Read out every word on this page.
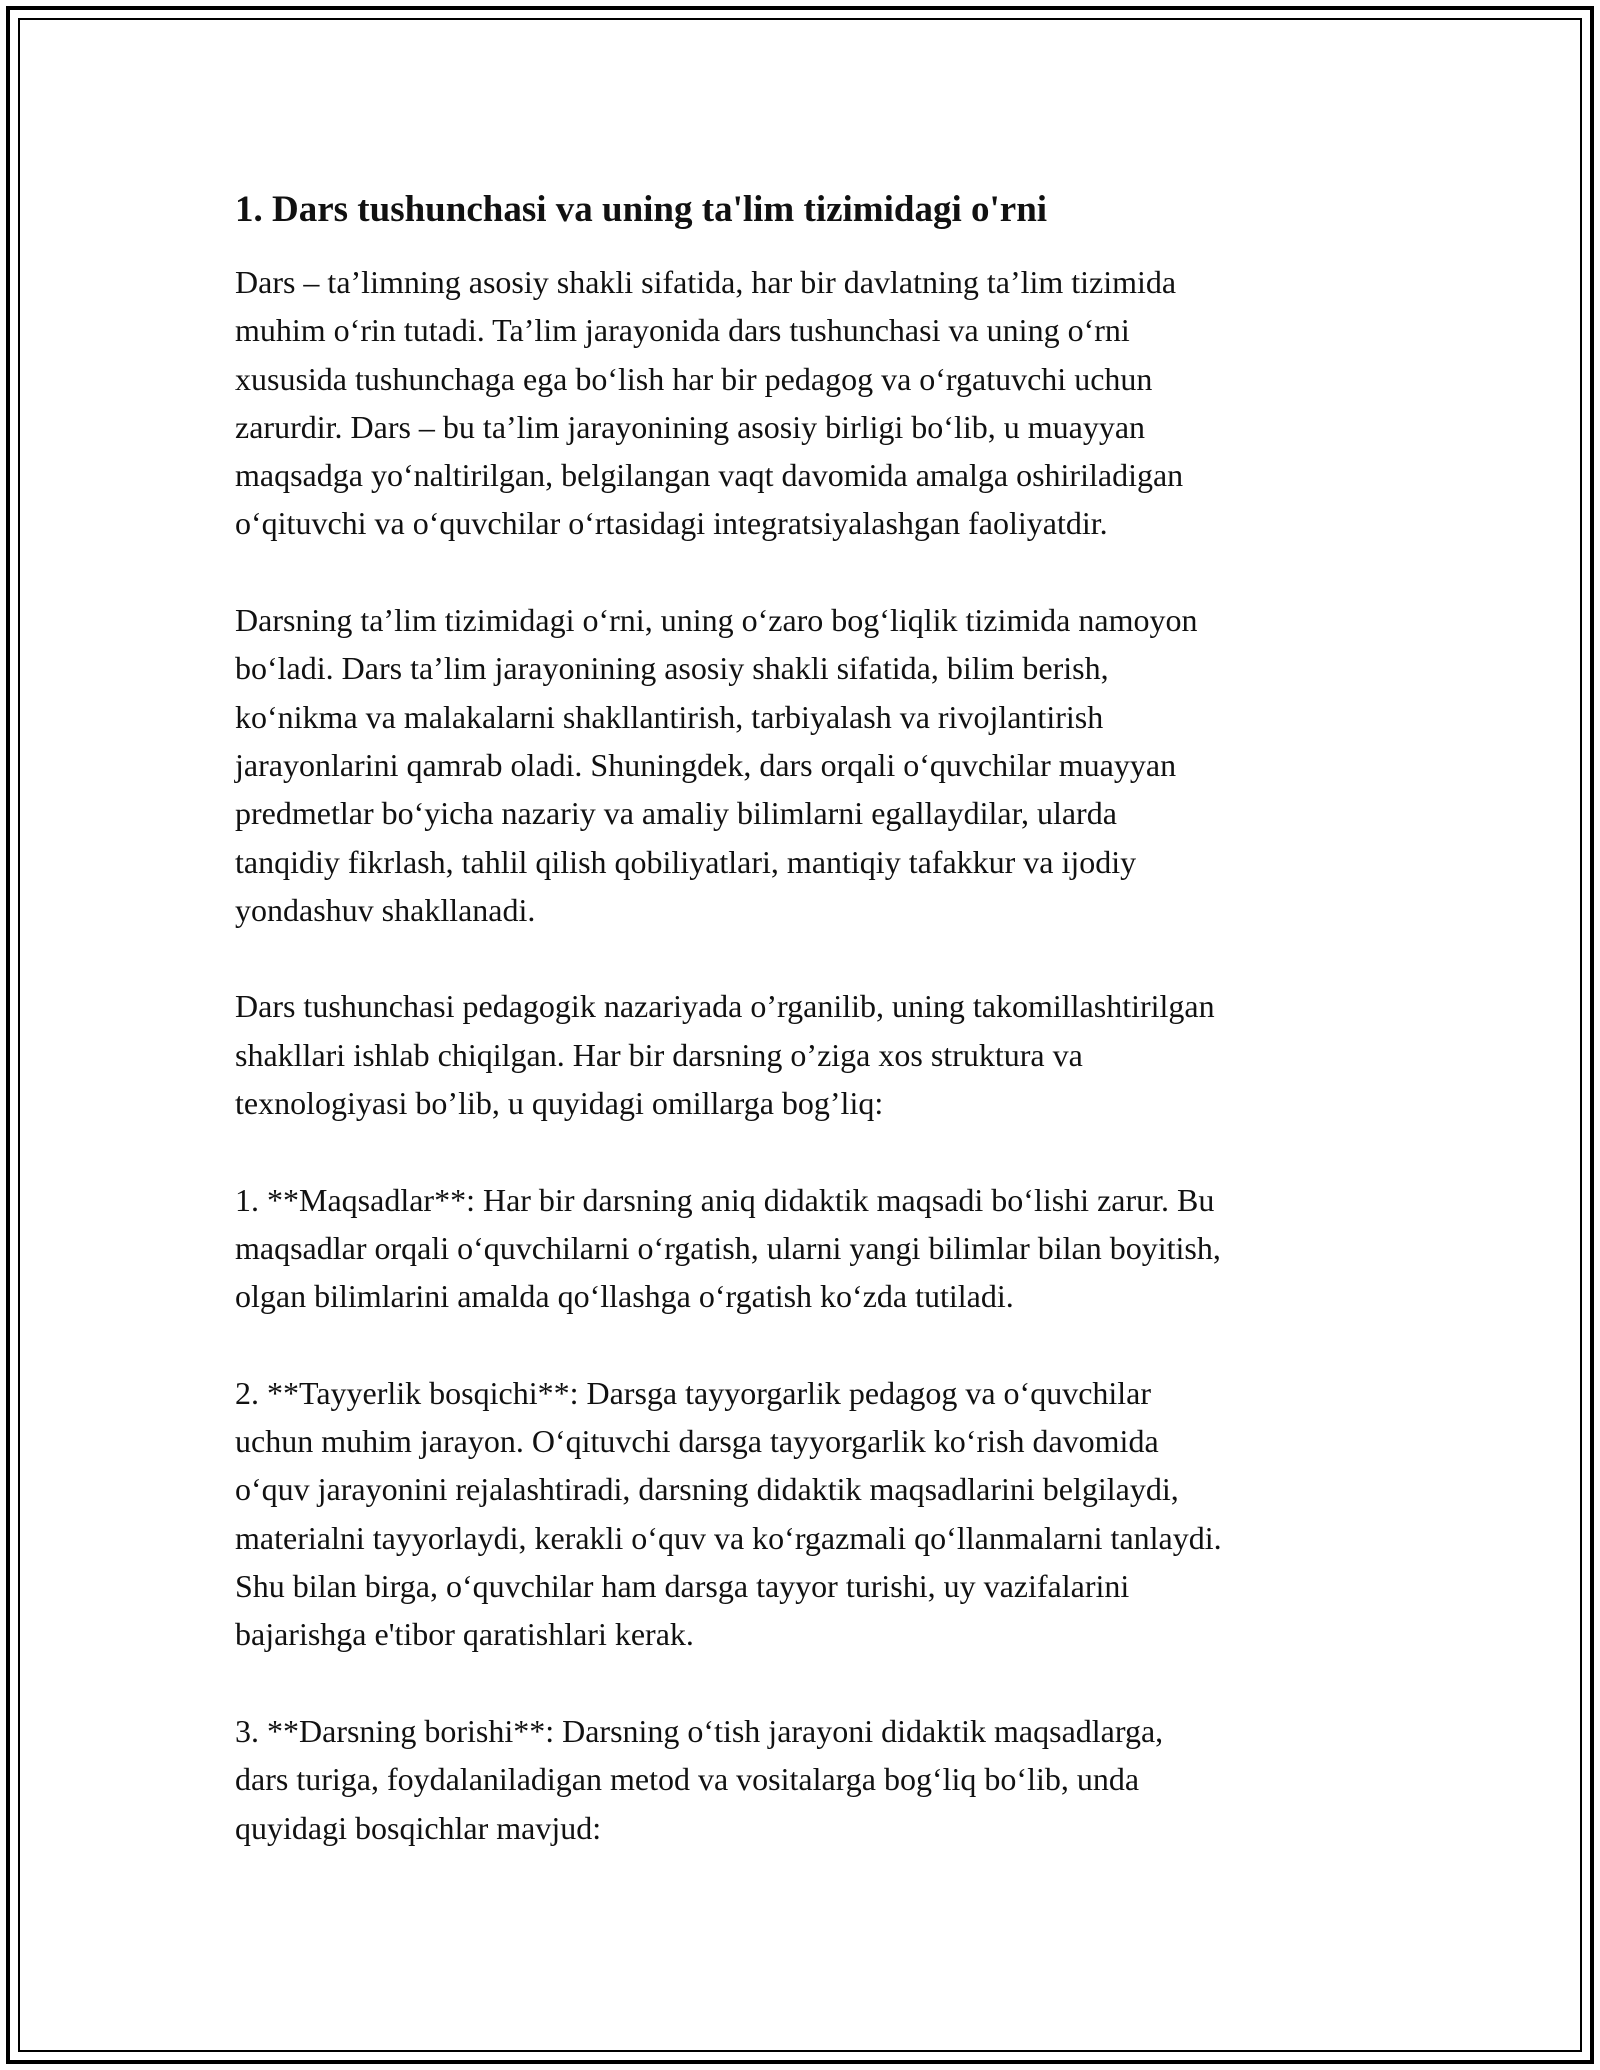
1. Dars tushunchasi va uning ta'lim tizimidagi o'rni

Dars – ta’limning asosiy shakli sifatida, har bir davlatning ta’lim tizimida
muhim o‘rin tutadi. Ta’lim jarayonida dars tushunchasi va uning o‘rni
xususida tushunchaga ega bo‘lish har bir pedagog va o‘rgatuvchi uchun
zarurdir. Dars – bu ta’lim jarayonining asosiy birligi bo‘lib, u muayyan
maqsadga yo‘naltirilgan, belgilangan vaqt davomida amalga oshiriladigan
o‘qituvchi va o‘quvchilar o‘rtasidagi integratsiyalashgan faoliyatdir.

Darsning ta’lim tizimidagi o‘rni, uning o‘zaro bog‘liqlik tizimida namoyon
bo‘ladi. Dars ta’lim jarayonining asosiy shakli sifatida, bilim berish,
ko‘nikma va malakalarni shakllantirish, tarbiyalash va rivojlantirish
jarayonlarini qamrab oladi. Shuningdek, dars orqali o‘quvchilar muayyan
predmetlar bo‘yicha nazariy va amaliy bilimlarni egallaydilar, ularda
tanqidiy fikrlash, tahlil qilish qobiliyatlari, mantiqiy tafakkur va ijodiy
yondashuv shakllanadi.

Dars tushunchasi pedagogik nazariyada o’rganilib, uning takomillashtirilgan
shakllari ishlab chiqilgan. Har bir darsning o’ziga xos struktura va
texnologiyasi bo’lib, u quyidagi omillarga bog’liq:

1. **Maqsadlar**: Har bir darsning aniq didaktik maqsadi bo‘lishi zarur. Bu
maqsadlar orqali o‘quvchilarni o‘rgatish, ularni yangi bilimlar bilan boyitish,
olgan bilimlarini amalda qo‘llashga o‘rgatish ko‘zda tutiladi.

2. **Tayyerlik bosqichi**: Darsga tayyorgarlik pedagog va o‘quvchilar
uchun muhim jarayon. O‘qituvchi darsga tayyorgarlik ko‘rish davomida
o‘quv jarayonini rejalashtiradi, darsning didaktik maqsadlarini belgilaydi,
materialni tayyorlaydi, kerakli o‘quv va ko‘rgazmali qo‘llanmalarni tanlaydi.
Shu bilan birga, o‘quvchilar ham darsga tayyor turishi, uy vazifalarini
bajarishga e'tibor qaratishlari kerak.

3. **Darsning borishi**: Darsning o‘tish jarayoni didaktik maqsadlarga,
dars turiga, foydalaniladigan metod va vositalarga bog‘liq bo‘lib, unda
quyidagi bosqichlar mavjud:
